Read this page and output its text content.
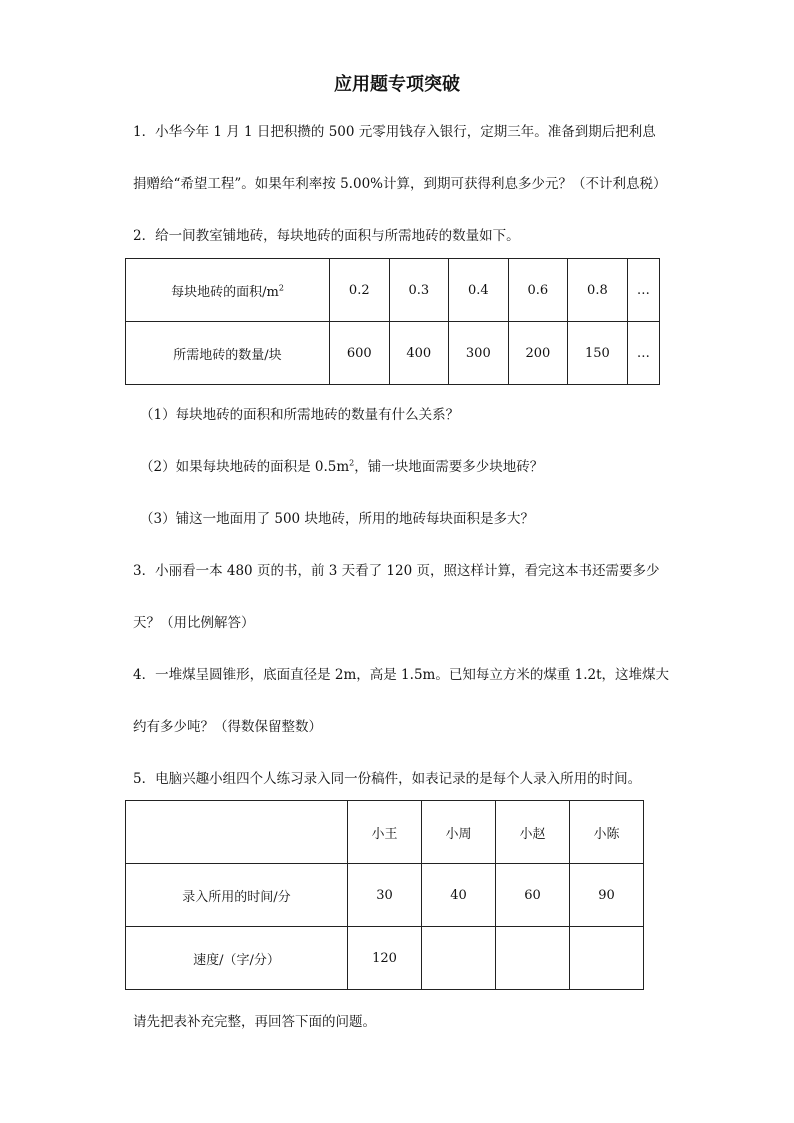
应用题专项突破
1．小华今年 1 月 1 日把积攒的 500 元零用钱存入银行，定期三年。准备到期后把利息
捐赠给“希望工程”。如果年利率按 5.00%计算，到期可获得利息多少元？（不计利息税）
2．给一间教室铺地砖，每块地砖的面积与所需地砖的数量如下。
每块地砖的面积$/m^2$	0.2	0.3	0.4	0.6	0.8	…
所需地砖的数量/块	600	400	300	200	150	…
（1）每块地砖的面积和所需地砖的数量有什么关系？
（2）如果每块地砖的面积是 $0.5m^2$，铺一块地面需要多少块地砖？
（3）铺这一地面用了 500 块地砖，所用的地砖每块面积是多大？
3．小丽看一本 480 页的书，前 3 天看了 120 页，照这样计算，看完这本书还需要多少
天？（用比例解答）
4．一堆煤呈圆锥形，底面直径是 2m，高是 1.5m。已知每立方米的煤重 1.2t，这堆煤大
约有多少吨？（得数保留整数）
5．电脑兴趣小组四个人练习录入同一份稿件，如表记录的是每个人录入所用的时间。
	小王	小周	小赵	小陈
录入所用的时间/分	30	40	60	90
速度/（字/分）	120			
请先把表补充完整，再回答下面的问题。
